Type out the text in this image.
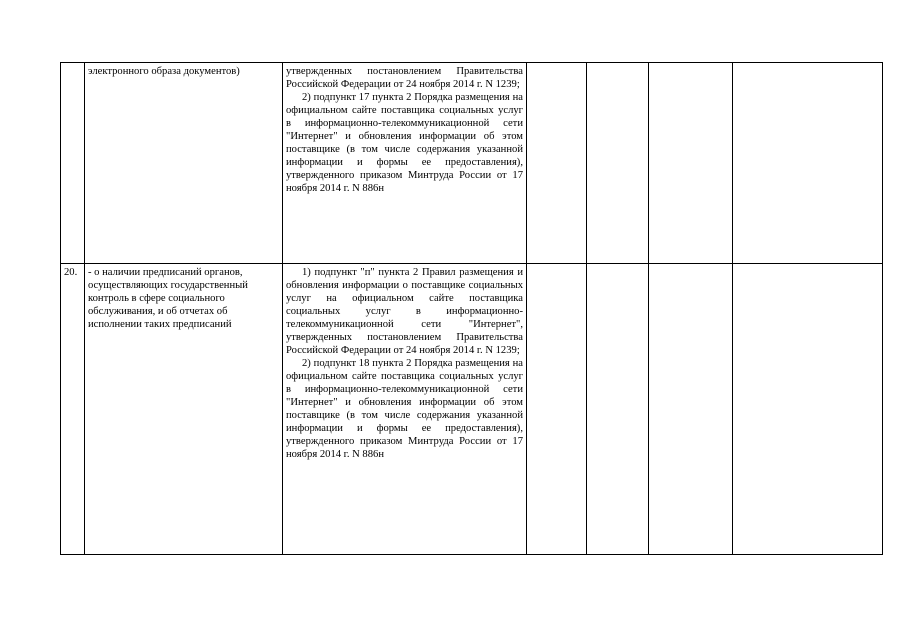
	электронного образа документов)	утвержденных постановлением Правительства Российской Федерации от 24 ноября 2014 г. N 1239;

2) подпункт 17 пункта 2 Порядка размещения на официальном сайте поставщика социальных услуг в информационно-телекоммуникационной сети "Интернет" и обновления информации об этом поставщике (в том числе содержания указанной информации и формы ее предоставления), утвержденного приказом Минтруда России от 17 ноября 2014 г. N 886н				

20.	- о наличии предписаний органов, осуществляющих государственный контроль в сфере социального обслуживания, и об отчетах об исполнении таких предписаний	1) подпункт "п" пункта 2 Правил размещения и обновления информации о поставщике социальных услуг на официальном сайте поставщика социальных услуг в информационно-телекоммуникационной сети "Интернет", утвержденных постановлением Правительства Российской Федерации от 24 ноября 2014 г. N 1239;

2) подпункт 18 пункта 2 Порядка размещения на официальном сайте поставщика социальных услуг в информационно-телекоммуникационной сети "Интернет" и обновления информации об этом поставщике (в том числе содержания указанной информации и формы ее предоставления), утвержденного приказом Минтруда России от 17 ноября 2014 г. N 886н				
